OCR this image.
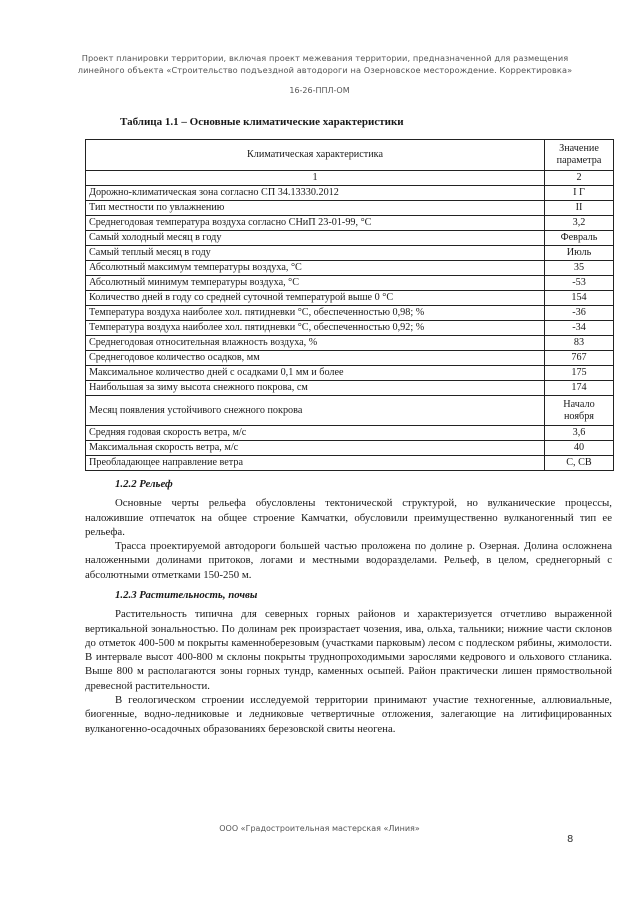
Проект планировки территории, включая проект межевания территории, предназначенной для размещения
линейного объекта «Строительство подъездной автодороги на Озерновское месторождение. Корректировка»
16-26-ППЛ-ОМ
Таблица 1.1 – Основные климатические характеристики
Климатическая характеристика	Значение параметра
1	2
Дорожно-климатическая зона согласно СП 34.13330.2012	I Г
Тип местности по увлажнению	II
Среднегодовая температура воздуха согласно СНиП 23-01-99, °С	3,2
Самый холодный месяц в году	Февраль
Самый теплый месяц в году	Июль
Абсолютный максимум температуры воздуха, °С	35
Абсолютный минимум температуры воздуха, °С	-53
Количество дней в году со средней суточной температурой выше 0 °С	154
Температура воздуха наиболее хол. пятидневки °С, обеспеченностью 0,98; %	-36
Температура воздуха наиболее хол. пятидневки °С, обеспеченностью 0,92; %	-34
Среднегодовая относительная влажность воздуха, %	83
Среднегодовое количество осадков, мм	767
Максимальное количество дней с осадками 0,1 мм и более	175
Наибольшая за зиму высота снежного покрова, см	174
Месяц появления устойчивого снежного покрова	Начало ноября
Средняя годовая скорость ветра, м/с	3,6
Максимальная скорость ветра, м/с	40
Преобладающее направление ветра	С, СВ
1.2.2 Рельеф

Основные черты рельефа обусловлены тектонической структурой, но вулканические процессы, наложившие отпечаток на общее строение Камчатки, обусловили преимущественно вулканогенный тип ее рельефа.

Трасса проектируемой автодороги большей частью проложена по долине р. Озерная. Долина осложнена наложенными долинами притоков, логами и местными водоразделами. Рельеф, в целом, среднегорный с абсолютными отметками 150-250 м.

1.2.3 Растительность, почвы

Растительность типична для северных горных районов и характеризуется отчетливо выраженной вертикальной зональностью. По долинам рек произрастает чозения, ива, ольха, тальники; нижние части склонов до отметок 400-500 м покрыты каменноберезовым (участками парковым) лесом с подлеском рябины, жимолости. В интервале высот 400-800 м склоны покрыты труднопроходимыми зарослями кедрового и ольхового стланика. Выше 800 м располагаются зоны горных тундр, каменных осыпей. Район практически лишен прямоствольной древесной растительности.

В геологическом строении исследуемой территории принимают участие техногенные, аллювиальные, биогенные, водно-ледниковые и ледниковые четвертичные отложения, залегающие на литифицированных вулканогенно-осадочных образованиях березовской свиты неогена.

ООО «Градостроительная мастерская «Линия»
8
